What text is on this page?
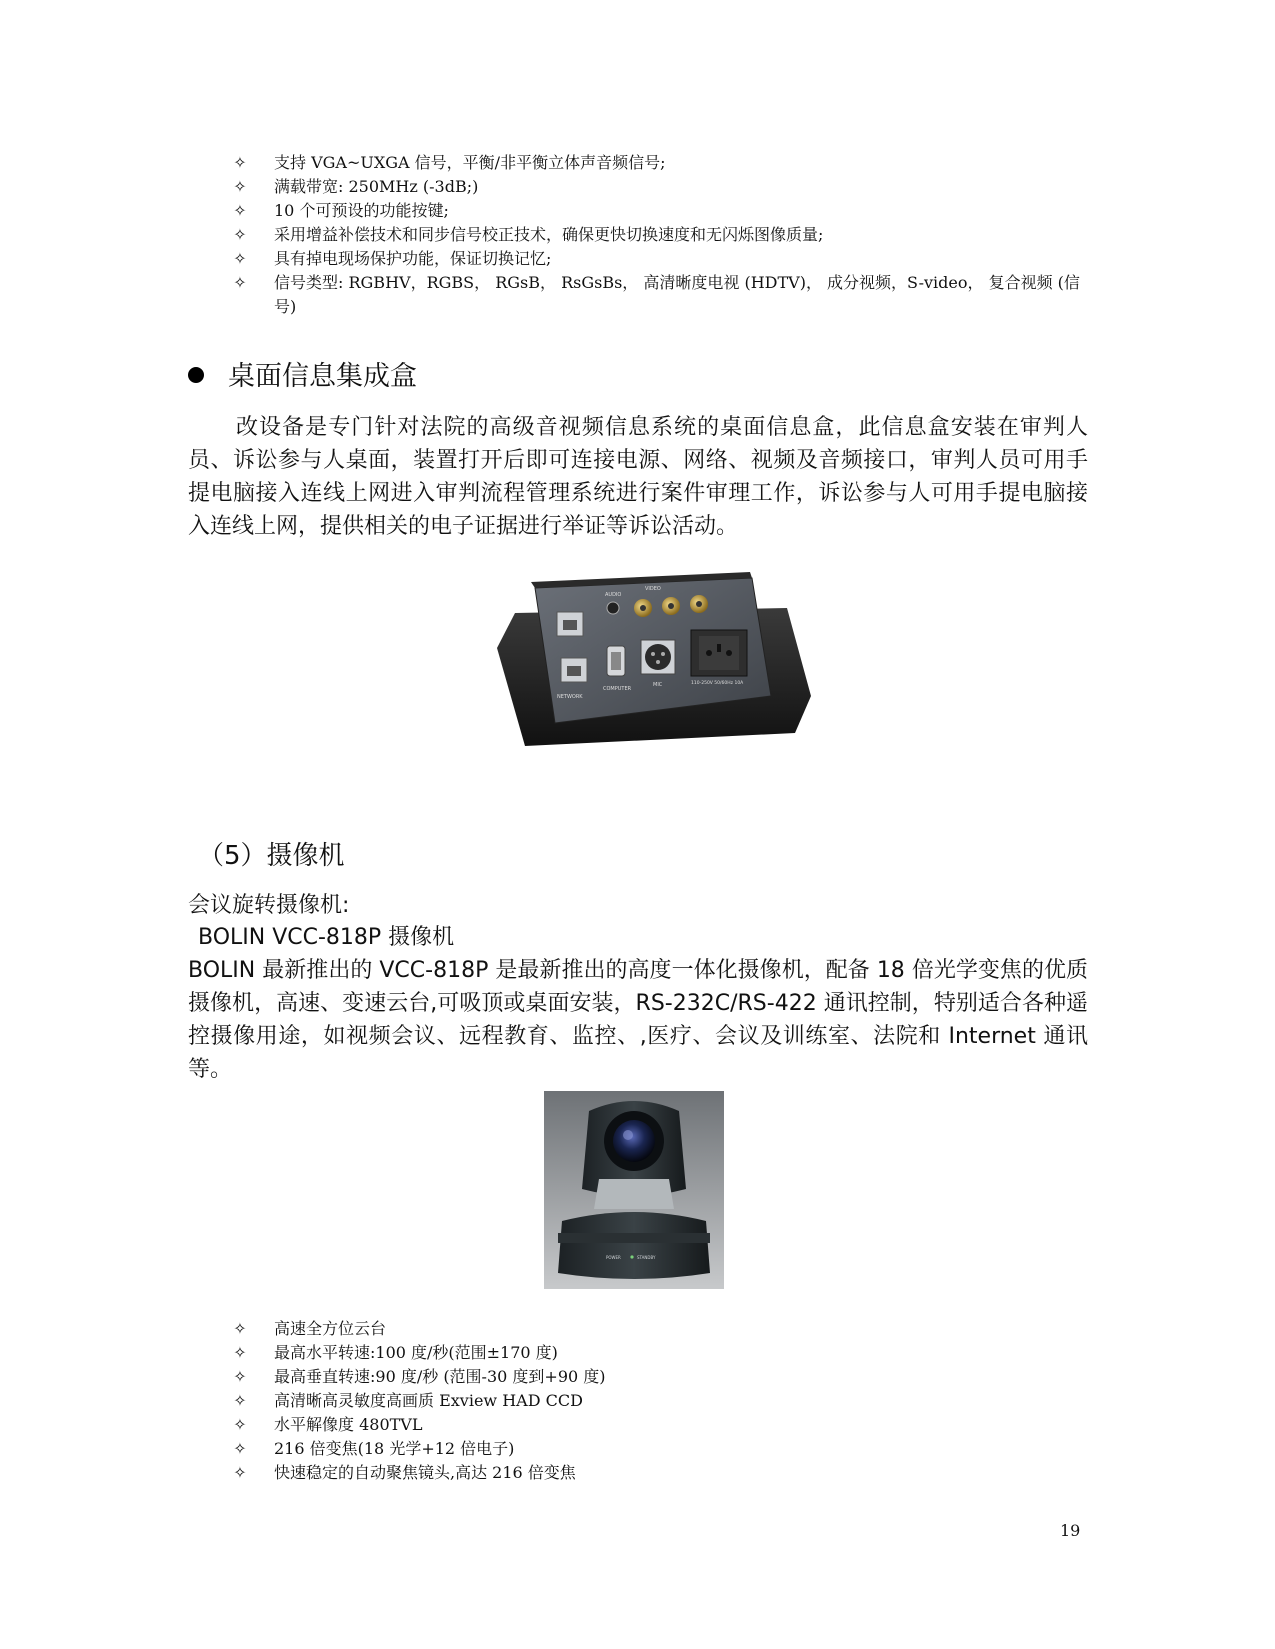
✧ 支持 VGA~UXGA 信号，平衡/非平衡立体声音频信号;
✧ 满载带宽: 250MHz (-3dB;)
✧ 10 个可预设的功能按键;
✧ 采用增益补偿技术和同步信号校正技术，确保更快切换速度和无闪烁图像质量;
✧ 具有掉电现场保护功能，保证切换记忆;
✧ 信号类型: RGBHV，RGBS， RGsB， RsGsBs， 高清晰度电视 (HDTV)， 成分视频，S-video， 复合视频 (信号)
桌面信息集成盒

改设备是专门针对法院的高级音视频信息系统的桌面信息盒，此信息盒安装在审判人员、诉讼参与人桌面，装置打开后即可连接电源、网络、视频及音频接口，审判人员可用手提电脑接入连线上网进入审判流程管理系统进行案件审理工作，诉讼参与人可用手提电脑接入连线上网，提供相关的电子证据进行举证等诉讼活动。

NETWORK
AUDIO
COMPUTER
VIDEO
MIC	110-250V 50/60Hz 10A
（5）摄像机
会议旋转摄像机:
BOLIN VCC-818P 摄像机

BOLIN 最新推出的 VCC-818P 是最新推出的高度一体化摄像机，配备 18 倍光学变焦的优质摄像机，高速、变速云台,可吸顶或桌面安装，RS-232C/RS-422 通讯控制，特别适合各种遥控摄像用途，如视频会议、远程教育、监控、,医疗、会议及训练室、法院和 Internet 通讯等。

POWER	STANDBY
✧ 高速全方位云台
✧ 最高水平转速:100 度/秒(范围±170 度)
✧ 最高垂直转速:90 度/秒 (范围-30 度到+90 度)
✧ 高清晰高灵敏度高画质 Exview HAD CCD
✧ 水平解像度 480TVL
✧ 216 倍变焦(18 光学+12 倍电子)
✧ 快速稳定的自动聚焦镜头,高达 216 倍变焦
19
